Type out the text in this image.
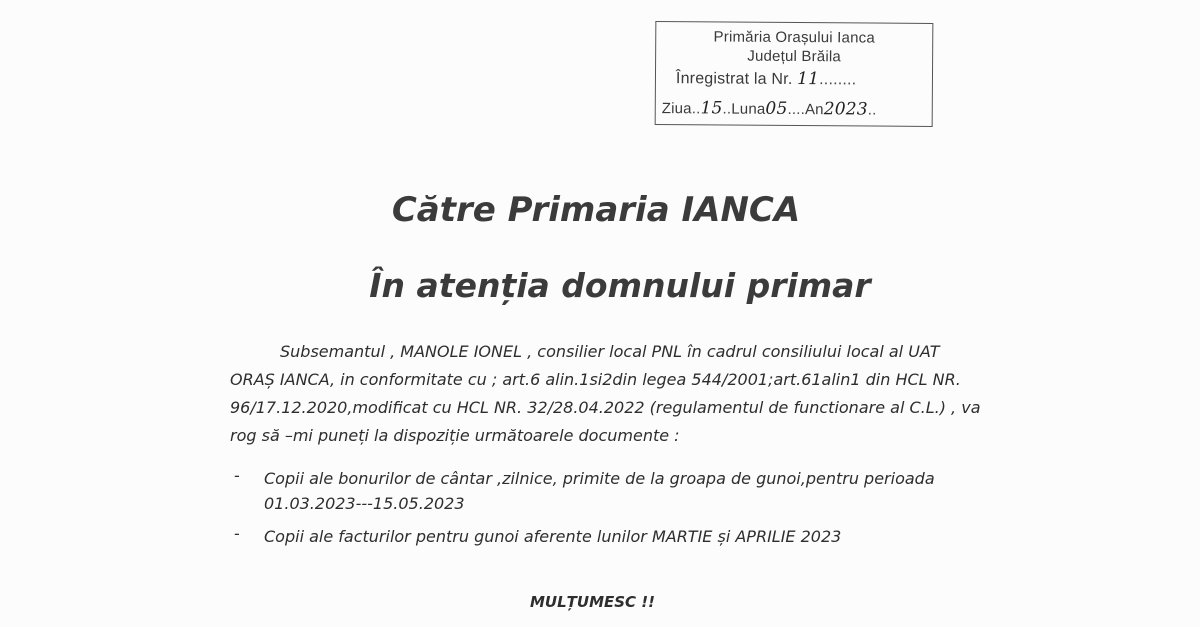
Primăria Orașului Ianca
Județul Brăila
Înregistrat la Nr. 11........
Ziua..15..Luna05....An2023..
Către Primaria IANCA
În atenția domnului primar
Subsemantul , MANOLE IONEL , consilier local PNL în cadrul consiliului local al UAT
ORAȘ IANCA, in conformitate cu ; art.6 alin.1si2din legea 544/2001;art.61alin1 din HCL NR.
96/17.12.2020,modificat cu HCL NR. 32/28.04.2022 (regulamentul de functionare al C.L.) , va
rog să –mi puneți la dispoziție următoarele documente :
- Copii ale bonurilor de cântar ,zilnice, primite de la groapa de gunoi,pentru perioada
01.03.2023---15.05.2023
- Copii ale facturilor pentru gunoi aferente lunilor MARTIE și APRILIE 2023
MULȚUMESC !!
